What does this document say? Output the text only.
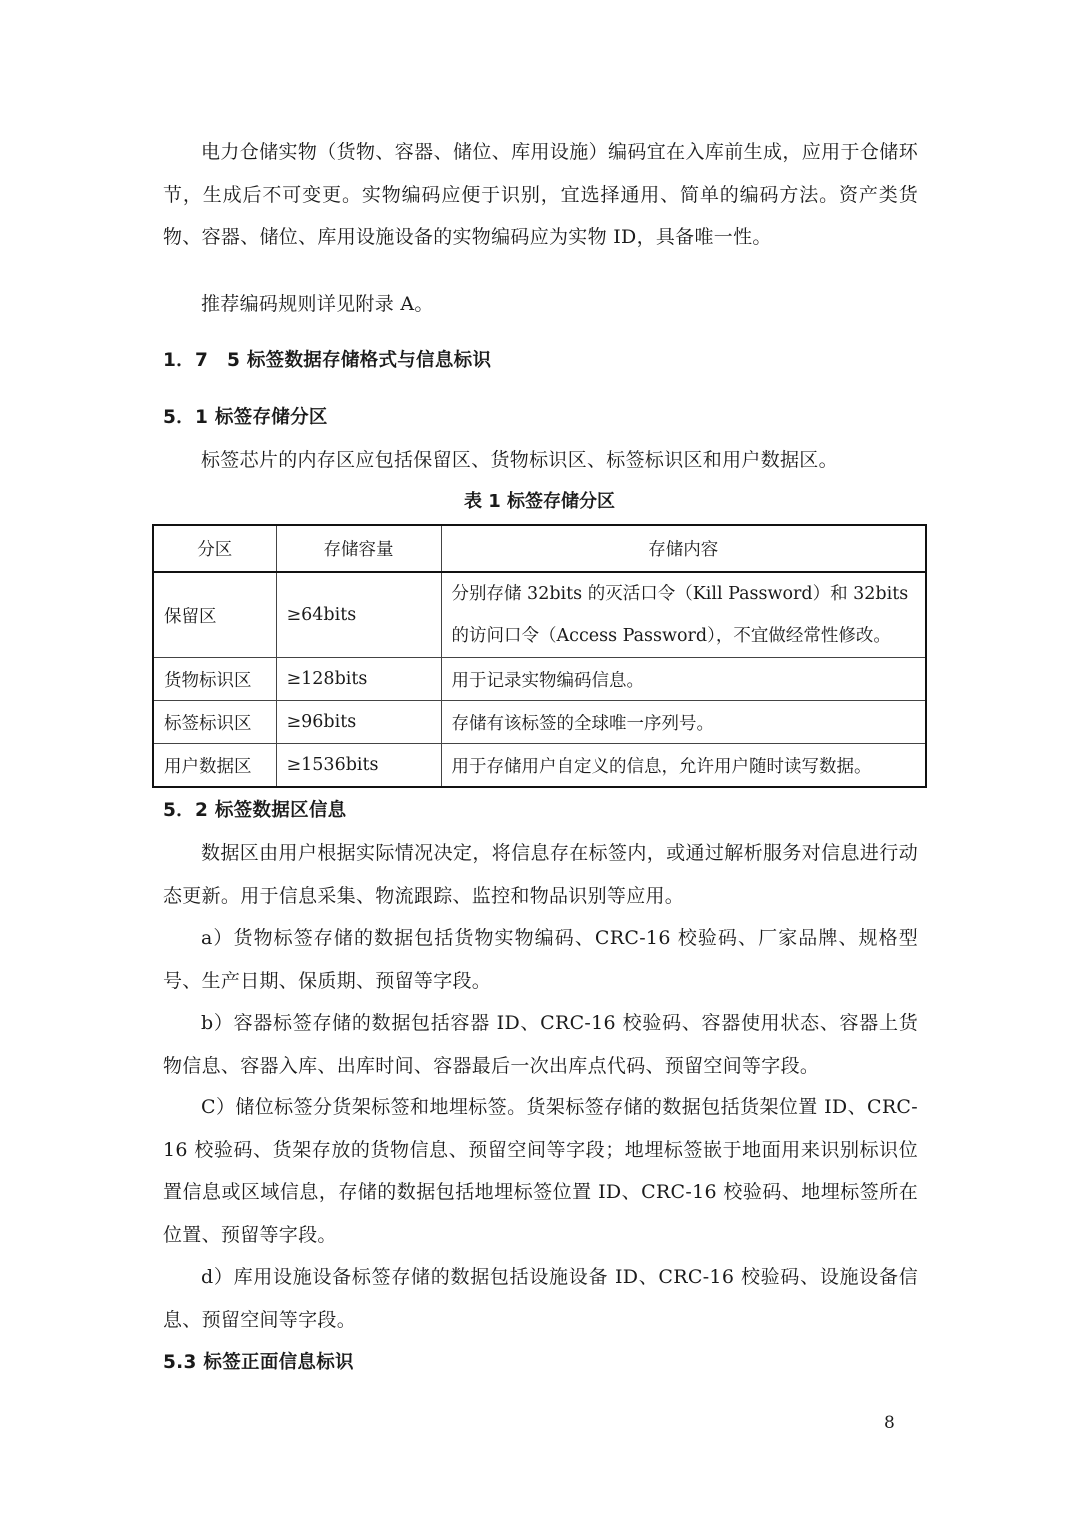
电力仓储实物（货物、容器、储位、库用设施）编码宜在入库前生成，应用于仓储环节，生成后不可变更。实物编码应便于识别，宜选择通用、简单的编码方法。资产类货物、容器、储位、库用设施设备的实物编码应为实物 ID，具备唯一性。

推荐编码规则详见附录 A。

1．7　5 标签数据存储格式与信息标识
5．1 标签存储分区

标签芯片的内存区应包括保留区、货物标识区、标签标识区和用户数据区。

表 1 标签存储分区
分区	存储容量	存储内容
保留区	≥64bits	分别存储 32bits 的灭活口令（Kill Password）和 32bits 的访问口令（Access Password），不宜做经常性修改。
货物标识区	≥128bits	用于记录实物编码信息。
标签标识区	≥96bits	存储有该标签的全球唯一序列号。
用户数据区	≥1536bits	用于存储用户自定义的信息，允许用户随时读写数据。
5．2 标签数据区信息

数据区由用户根据实际情况决定，将信息存在标签内，或通过解析服务对信息进行动态更新。用于信息采集、物流跟踪、监控和物品识别等应用。

a）货物标签存储的数据包括货物实物编码、CRC-16 校验码、厂家品牌、规格型号、生产日期、保质期、预留等字段。

b）容器标签存储的数据包括容器 ID、CRC-16 校验码、容器使用状态、容器上货物信息、容器入库、出库时间、容器最后一次出库点代码、预留空间等字段。

C）储位标签分货架标签和地埋标签。货架标签存储的数据包括货架位置 ID、CRC-16 校验码、货架存放的货物信息、预留空间等字段；地埋标签嵌于地面用来识别标识位置信息或区域信息，存储的数据包括地埋标签位置 ID、CRC-16 校验码、地埋标签所在位置、预留等字段。

d）库用设施设备标签存储的数据包括设施设备 ID、CRC-16 校验码、设施设备信息、预留空间等字段。

5.3 标签正面信息标识
8
